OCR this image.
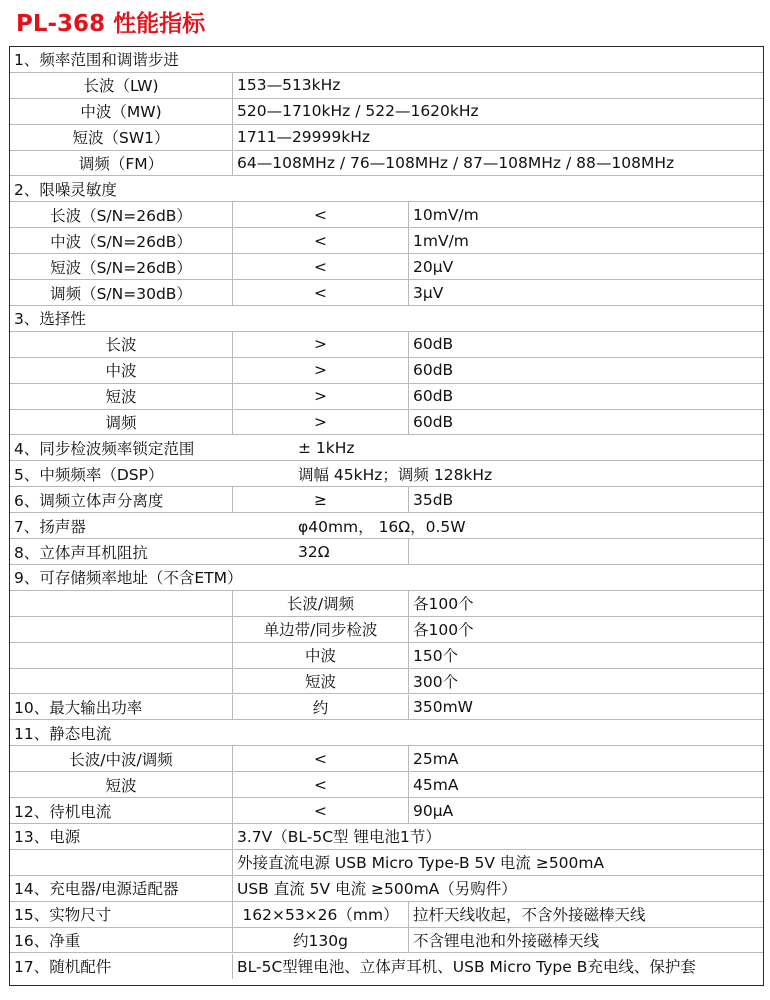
PL-368 性能指标
1、频率范围和调谐步进
长波（LW)	153—513kHz
中波（MW)	520—1710kHz / 522—1620kHz
短波（SW1）	1711—29999kHz
调频（FM）	64—108MHz / 76—108MHz / 87—108MHz / 88—108MHz
2、限噪灵敏度
长波（S/N=26dB）	<	10mV/m
中波（S/N=26dB）	<	1mV/m
短波（S/N=26dB）	<	20μV
调频（S/N=30dB）	<	3μV
3、选择性
长波	>	60dB
中波	>	60dB
短波	>	60dB
调频	>	60dB
4、同步检波频率锁定范围	± 1kHz
5、中频频率（DSP）	调幅 45kHz；调频 128kHz
6、调频立体声分离度	≥	35dB
7、扬声器	φ40mm， 16Ω，0.5W
8、立体声耳机阻抗	32Ω
9、可存储频率地址（不含ETM）
长波/调频	各100个
单边带/同步检波	各100个
中波	150个
短波	300个
10、最大输出功率	约	350mW
11、静态电流
长波/中波/调频	<	25mA
短波	<	45mA
12、待机电流	<	90μA
13、电源	3.7V（BL-5C型 锂电池1节）
外接直流电源 USB Micro Type-B 5V 电流 ≥500mA
14、充电器/电源适配器	USB 直流 5V 电流 ≥500mA（另购件）
15、实物尺寸	162×53×26（mm） 拉杆天线收起，不含外接磁棒天线
16、净重	约130g	不含锂电池和外接磁棒天线
17、随机配件	BL-5C型锂电池、立体声耳机、USB Micro Type B充电线、保护套
